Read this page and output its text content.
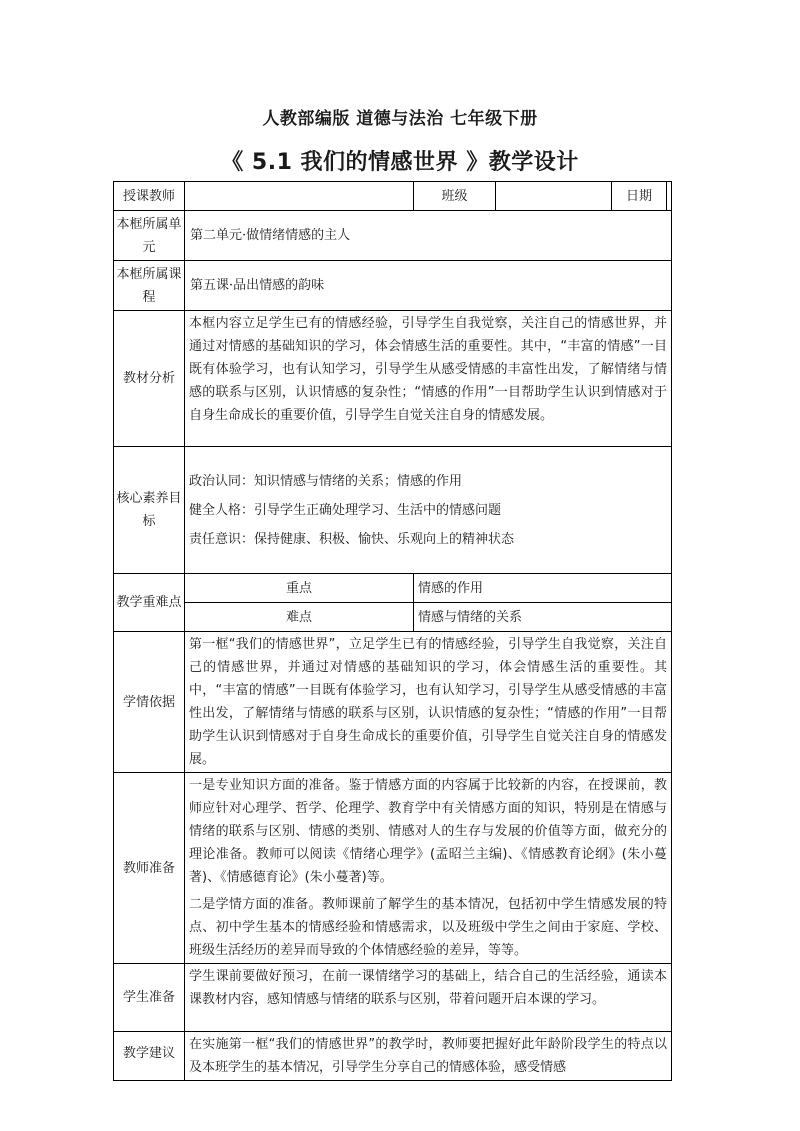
人教部编版 道德与法治 七年级下册
《 5.1 我们的情感世界 》教学设计
授课教师		班级		日期	
本框所属单元	第二单元·做情绪情感的主人				
本框所属课程	第五课·品出情感的韵味				
教材分析	本框内容立足学生已有的情感经验，引导学生自我觉察，关注自己的情感世界，并通过对情感的基础知识的学习，体会情感生活的重要性。其中，“丰富的情感”一目既有体验学习，也有认知学习，引导学生从感受情感的丰富性出发，了解情绪与情感的联系与区别，认识情感的复杂性；“情感的作用”一目帮助学生认识到情感对于自身生命成长的重要价值，引导学生自觉关注自身的情感发展。				
核心素养目标	政治认同：知识情感与情绪的关系；情感的作用

健全人格：引导学生正确处理学习、生活中的情感问题

责任意识：保持健康、积极、愉快、乐观向上的精神状态				

教学重难点	重点	情感的作用			
	难点	情感与情绪的关系			
学情依据	第一框“我们的情感世界”，立足学生已有的情感经验，引导学生自我觉察，关注自己的情感世界，并通过对情感的基础知识的学习，体会情感生活的重要性。其中，“丰富的情感”一目既有体验学习，也有认知学习，引导学生从感受情感的丰富性出发，了解情绪与情感的联系与区别，认识情感的复杂性；“情感的作用”一目帮助学生认识到情感对于自身生命成长的重要价值，引导学生自觉关注自身的情感发展。				
教师准备	一是专业知识方面的准备。鉴于情感方面的内容属于比较新的内容，在授课前，教师应针对心理学、哲学、伦理学、教育学中有关情感方面的知识，特别是在情感与情绪的联系与区别、情感的类别、情感对人的生存与发展的价值等方面，做充分的理论准备。教师可以阅读《情绪心理学》(孟昭兰主编)、《情感教育论纲》(朱小蔓著)、《情感德育论》(朱小蔓著)等。

二是学情方面的准备。教师课前了解学生的基本情况，包括初中学生情感发展的特点、初中学生基本的情感经验和情感需求，以及班级中学生之间由于家庭、学校、班级生活经历的差异而导致的个体情感经验的差异，等等。				

学生准备	学生课前要做好预习，在前一课情绪学习的基础上，结合自己的生活经验，通读本课教材内容，感知情感与情绪的联系与区别，带着问题开启本课的学习。				
教学建议	在实施第一框“我们的情感世界”的教学时，教师要把握好此年龄阶段学生的特点以及本班学生的基本情况，引导学生分享自己的情感体验，感受情感				
